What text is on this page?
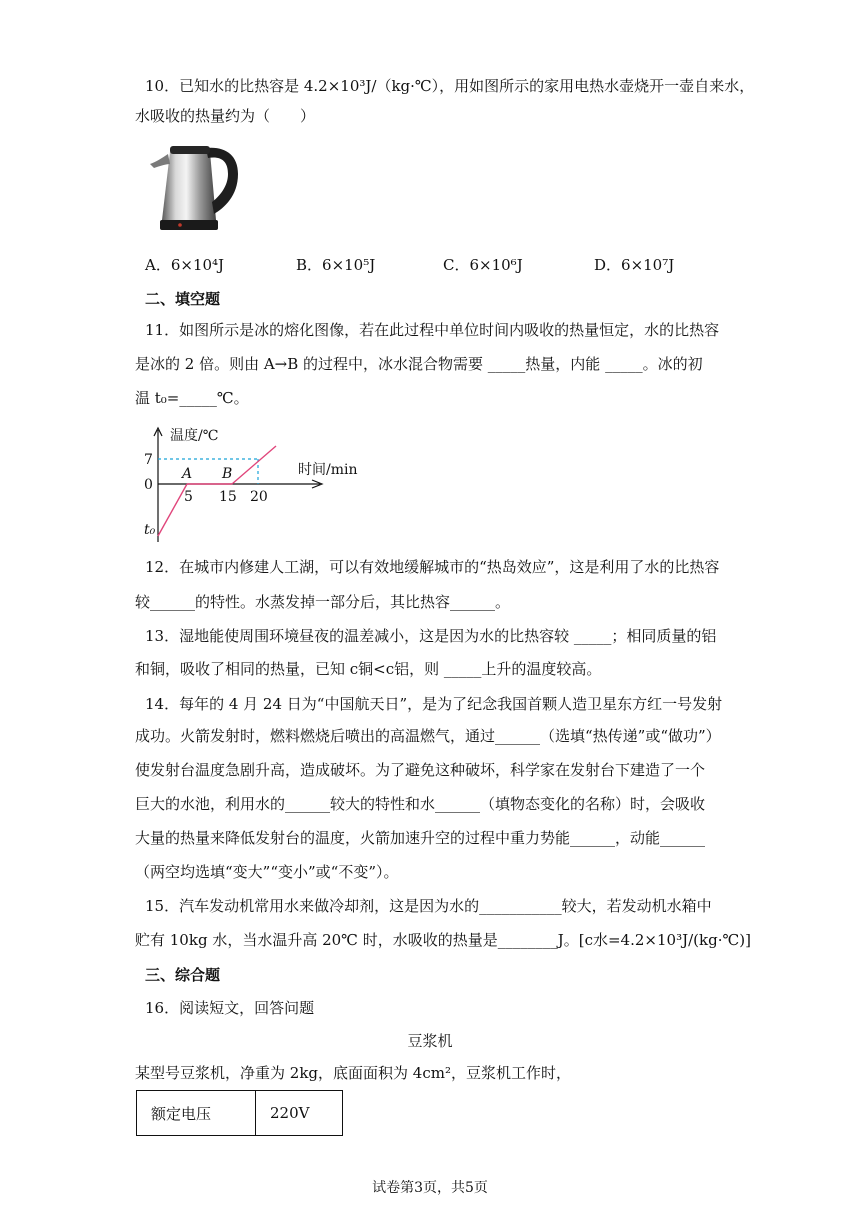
10．已知水的比热容是 4.2×10³J/（kg·℃），用如图所示的家用电热水壶烧开一壶自来水，
水吸收的热量约为（　　）
A．6×10⁴J	B．6×10⁵J	C．6×10⁶J	D．6×10⁷J
二、填空题
11．如图所示是冰的熔化图像，若在此过程中单位时间内吸收的热量恒定，水的比热容
是冰的 2 倍。则由 A→B 的过程中，冰水混合物需要 _____热量，内能 _____。冰的初
温 t₀=_____℃。
温度/℃
时间/min
7
0
t₀
5 15 20
A B
12．在城市内修建人工湖，可以有效地缓解城市的“热岛效应”，这是利用了水的比热容
较______的特性。水蒸发掉一部分后，其比热容______。
13．湿地能使周围环境昼夜的温差减小，这是因为水的比热容较 _____；相同质量的铝
和铜，吸收了相同的热量，已知 c铜<c铝，则 _____上升的温度较高。
14．每年的 4 月 24 日为“中国航天日”，是为了纪念我国首颗人造卫星东方红一号发射
成功。火箭发射时，燃料燃烧后喷出的高温燃气，通过______（选填“热传递”或“做功”）
使发射台温度急剧升高，造成破坏。为了避免这种破坏，科学家在发射台下建造了一个
巨大的水池，利用水的______较大的特性和水______（填物态变化的名称）时，会吸收
大量的热量来降低发射台的温度，火箭加速升空的过程中重力势能______，动能______
（两空均选填“变大”“变小”或“不变”）。
15．汽车发动机常用水来做冷却剂，这是因为水的___________较大，若发动机水箱中
贮有 10kg 水，当水温升高 20℃ 时，水吸收的热量是________J。[c水=4.2×10³J/(kg·℃)]
三、综合题
16．阅读短文，回答问题
豆浆机
某型号豆浆机，净重为 2kg，底面面积为 4cm²，豆浆机工作时，
额定电压	220V
试卷第3页，共5页
